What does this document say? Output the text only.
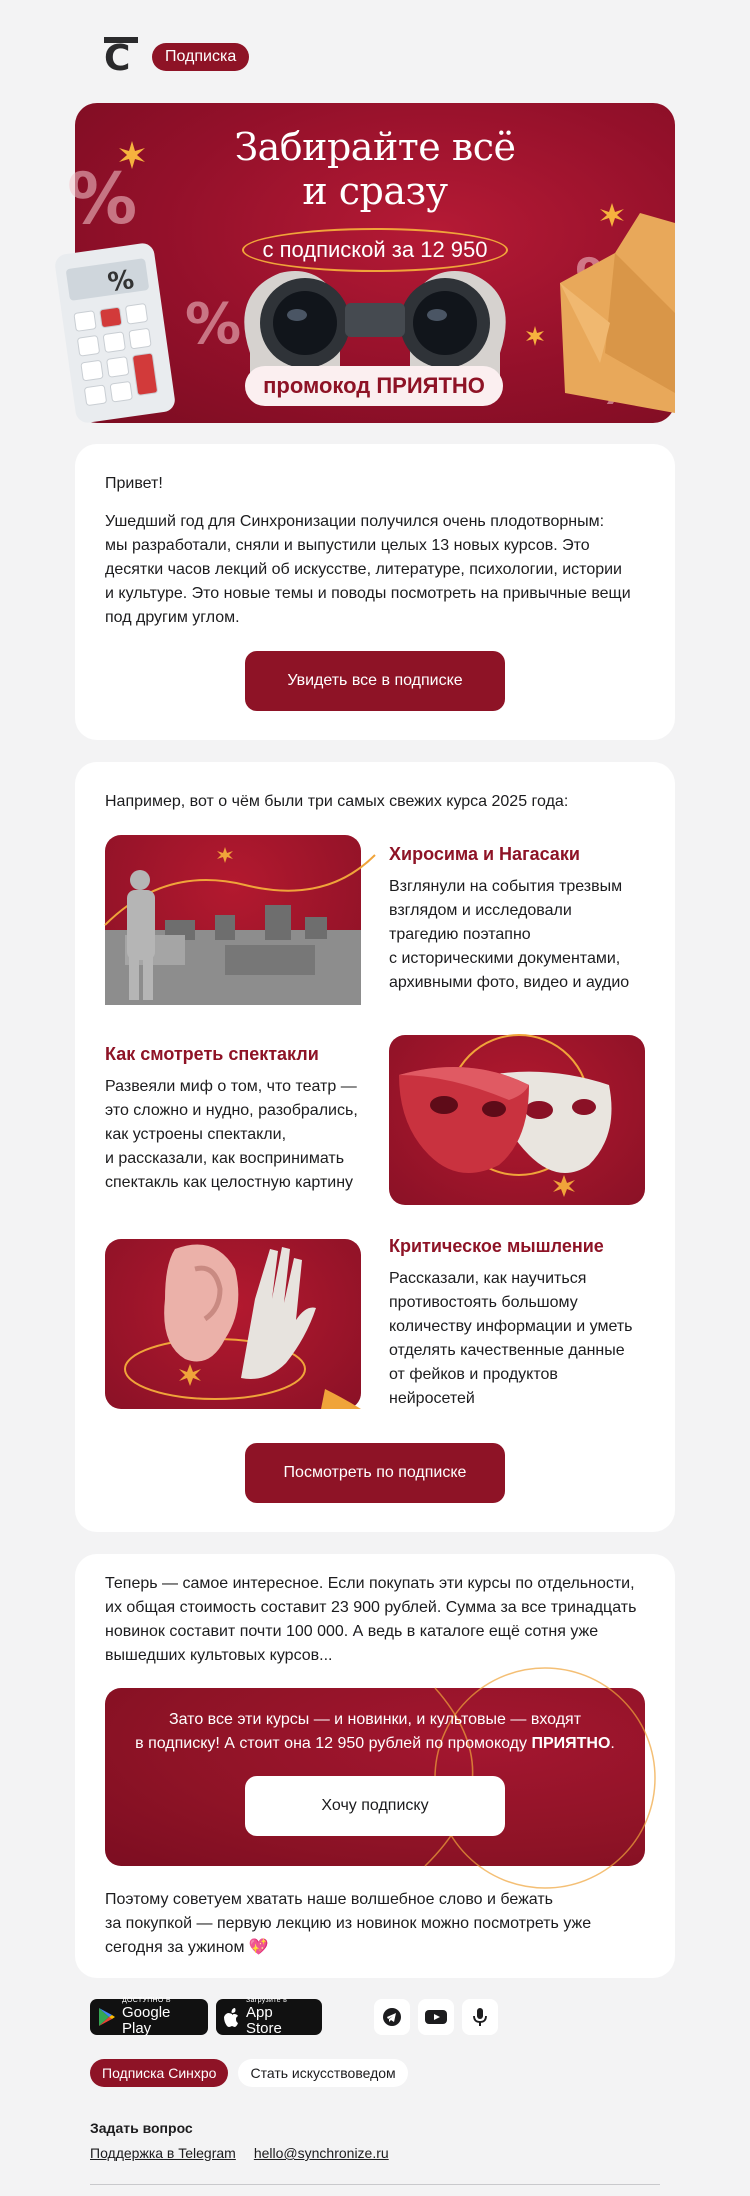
С	Подписка
%
%
%
Забирайте всё
и сразу
с подпиской за 12 950
промокод ПРИЯТНО
Привет!
Ушедший год для Синхронизации получился очень плодотворным:
мы разработали, сняли и выпустили целых 13 новых курсов. Это
десятки часов лекций об искусстве, литературе, психологии, истории
и культуре. Это новые темы и поводы посмотреть на привычные вещи
под другим углом.
Увидеть все в подписке
Например, вот о чём были три самых свежих курса 2025 года:
Хиросима и Нагасаки
Взглянули на события трезвым
взглядом и исследовали
трагедию поэтапно
с историческими документами,
архивными фото, видео и аудио
Как смотреть спектакли
Развеяли миф о том, что театр —
это сложно и нудно, разобрались,
как устроены спектакли,
и рассказали, как воспринимать
спектакль как целостную картину
Критическое мышление
Рассказали, как научиться
противостоять большому
количеству информации и уметь
отделять качественные данные
от фейков и продуктов
нейросетей
Посмотреть по подписке
Теперь — самое интересное. Если покупать эти курсы по отдельности,
их общая стоимость составит 23 900 рублей. Сумма за все тринадцать
новинок составит почти 100 000. А ведь в каталоге ещё сотня уже
вышедших культовых курсов...
Зато все эти курсы — и новинки, и культовые — входят
в подписку! А стоит она 12 950 рублей по промокоду ПРИЯТНО.
Хочу подписку
Поэтому советуем хватать наше волшебное слово и бежать
за покупкой — первую лекцию из новинок можно посмотреть уже
сегодня за ужином 💖
ДОСТУПНО В
Google Play
Загрузите в
App Store
Подписка Синхро	Стать искусствоведом
Задать вопрос
Поддержка в Telegram hello@synchronize.ru
